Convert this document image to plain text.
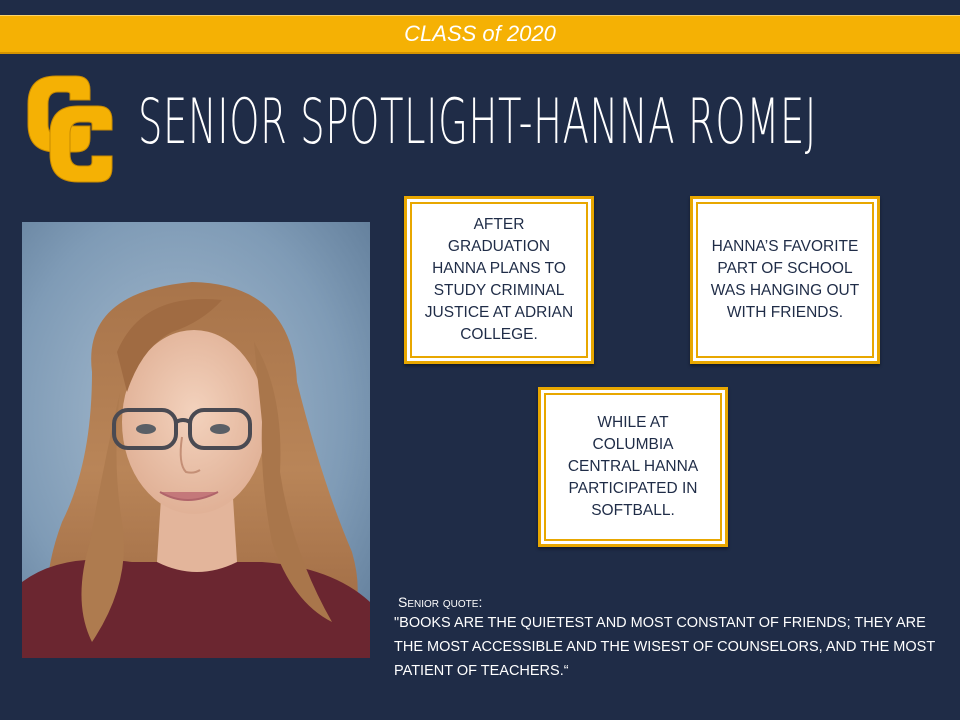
CLASS of 2020
SENIOR SPOTLIGHT-HANNA ROMEJ
AFTER GRADUATION HANNA PLANS TO STUDY CRIMINAL JUSTICE AT ADRIAN COLLEGE.
HANNA’S FAVORITE PART OF SCHOOL WAS HANGING OUT WITH FRIENDS.
WHILE AT COLUMBIA CENTRAL HANNA PARTICIPATED IN SOFTBALL.
Senior quote:
"BOOKS ARE THE QUIETEST AND MOST CONSTANT OF FRIENDS; THEY ARE THE MOST ACCESSIBLE AND THE WISEST OF COUNSELORS, AND THE MOST PATIENT OF TEACHERS.“
